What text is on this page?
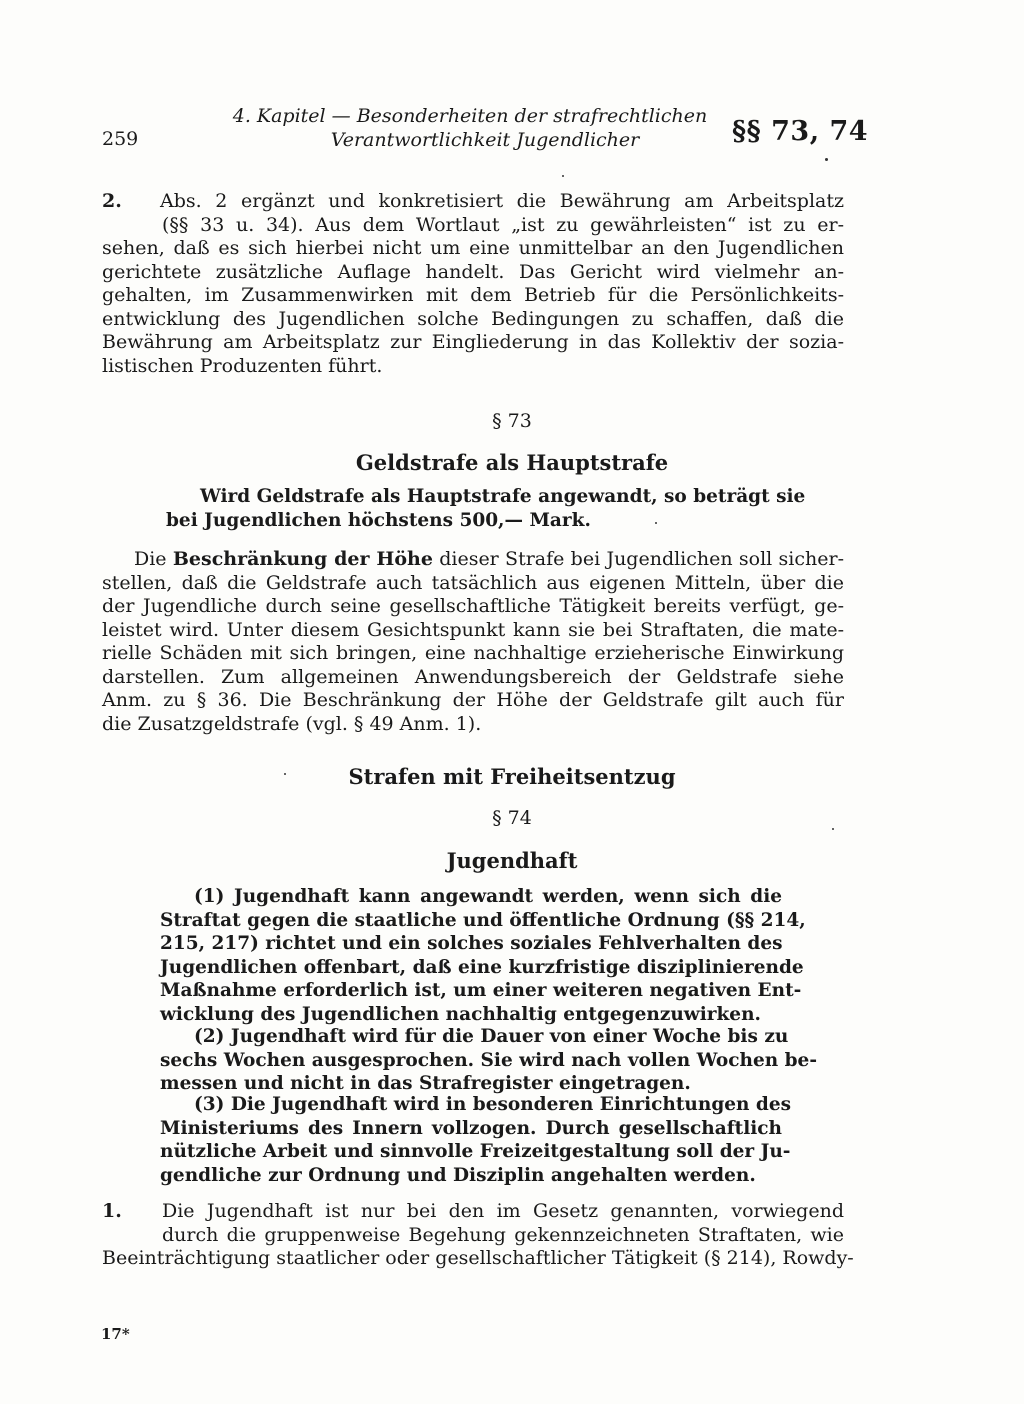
259
4. Kapitel — Besonderheiten der strafrechtlichen
Verantwortlichkeit Jugendlicher	§§ 73, 74
2.	Abs. 2 ergänzt und konkretisiert die Bewährung am Arbeitsplatz
(§§ 33 u. 34). Aus dem Wortlaut „ist zu gewährleisten“ ist zu er-
sehen, daß es sich hierbei nicht um eine unmittelbar an den Jugendlichen
gerichtete zusätzliche Auflage handelt. Das Gericht wird vielmehr an-
gehalten, im Zusammenwirken mit dem Betrieb für die Persönlichkeits-
entwicklung des Jugendlichen solche Bedingungen zu schaffen, daß die
Bewährung am Arbeitsplatz zur Eingliederung in das Kollektiv der sozia-
listischen Produzenten führt.
§ 73
Geldstrafe als Hauptstrafe
Wird Geldstrafe als Hauptstrafe angewandt, so beträgt sie
bei Jugendlichen höchstens 500,— Mark.
Die Beschränkung der Höhe dieser Strafe bei Jugendlichen soll sicher-
stellen, daß die Geldstrafe auch tatsächlich aus eigenen Mitteln, über die
der Jugendliche durch seine gesellschaftliche Tätigkeit bereits verfügt, ge-
leistet wird. Unter diesem Gesichtspunkt kann sie bei Straftaten, die mate-
rielle Schäden mit sich bringen, eine nachhaltige erzieherische Einwirkung
darstellen. Zum allgemeinen Anwendungsbereich der Geldstrafe siehe
Anm. zu § 36. Die Beschränkung der Höhe der Geldstrafe gilt auch für
die Zusatzgeldstrafe (vgl. § 49 Anm. 1).
Strafen mit Freiheitsentzug
§ 74
Jugendhaft
(1) Jugendhaft kann angewandt werden, wenn sich die
Straftat gegen die staatliche und öffentliche Ordnung (§§ 214,
215, 217) richtet und ein solches soziales Fehlverhalten des
Jugendlichen offenbart, daß eine kurzfristige disziplinierende
Maßnahme erforderlich ist, um einer weiteren negativen Ent-
wicklung des Jugendlichen nachhaltig entgegenzuwirken.
(2) Jugendhaft wird für die Dauer von einer Woche bis zu
sechs Wochen ausgesprochen. Sie wird nach vollen Wochen be-
messen und nicht in das Strafregister eingetragen.
(3) Die Jugendhaft wird in besonderen Einrichtungen des
Ministeriums des Innern vollzogen. Durch gesellschaftlich
nützliche Arbeit und sinnvolle Freizeitgestaltung soll der Ju-
gendliche zur Ordnung und Disziplin angehalten werden.
1.	Die Jugendhaft ist nur bei den im Gesetz genannten, vorwiegend
durch die gruppenweise Begehung gekennzeichneten Straftaten, wie
Beeinträchtigung staatlicher oder gesellschaftlicher Tätigkeit (§ 214), Rowdy-
17*
